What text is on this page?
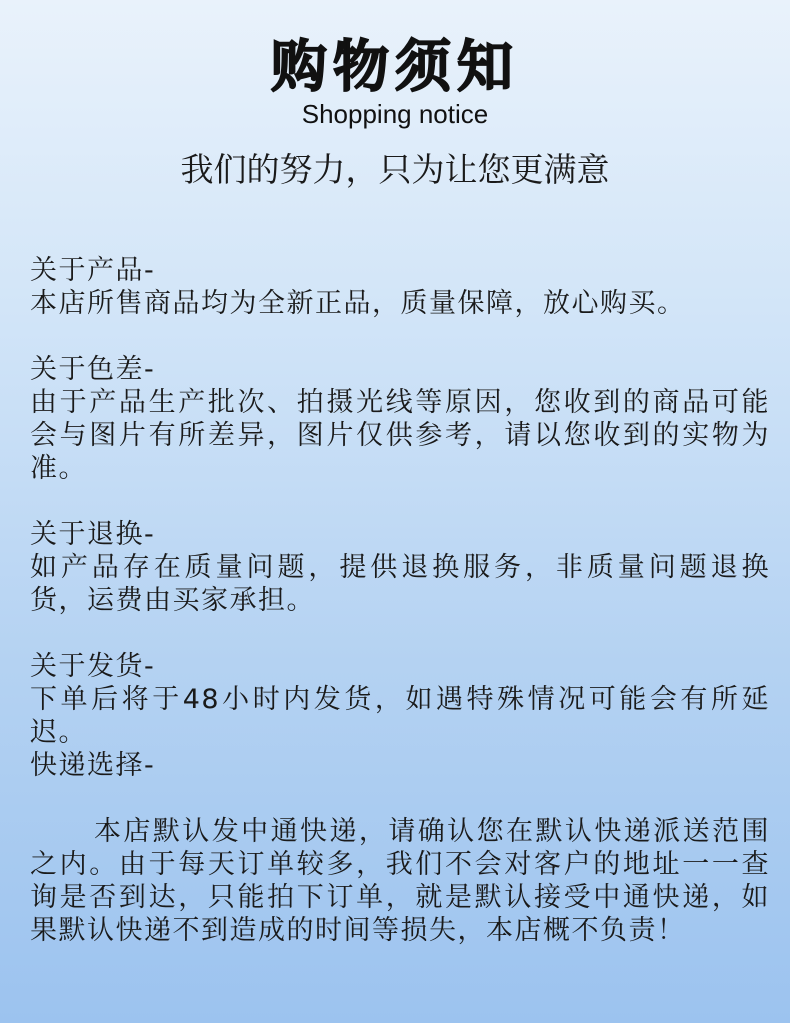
购物须知
Shopping notice
我们的努力，只为让您更满意
关于产品-
本店所售商品均为全新正品，质量保障，放心购买。
关于色差-
由于产品生产批次、拍摄光线等原因，您收到的商品可能会与图片有所差异，图片仅供参考，请以您收到的实物为准。
关于退换-
如产品存在质量问题，提供退换服务，非质量问题退换货，运费由买家承担。
关于发货-
下单后将于48小时内发货，如遇特殊情况可能会有所延迟。
快递选择-
本店默认发中通快递，请确认您在默认快递派送范围之内。由于每天订单较多，我们不会对客户的地址一一查询是否到达，只能拍下订单，就是默认接受中通快递，如果默认快递不到造成的时间等损失，本店概不负责！
